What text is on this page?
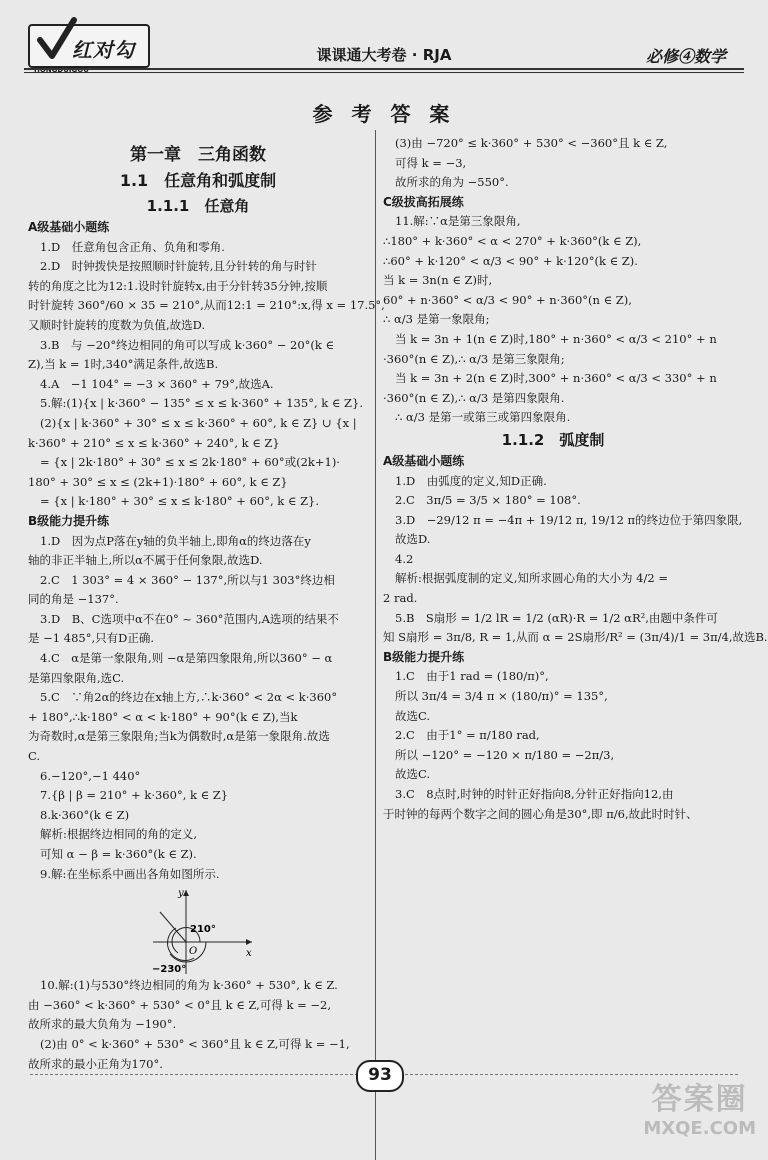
红对勾
HONGDUIGOU
课课通大考卷 · RJA	必修④数学
参 考 答 案
第一章　三角函数
1.1　任意角和弧度制
1.1.1　任意角
A级基础小题练
1.D　任意角包含正角、负角和零角.
2.D　时钟拨快是按照顺时针旋转,且分针转的角与时针
转的角度之比为12:1.设时针旋转x,由于分针转35分钟,按顺
时针旋转 360°/60 × 35 = 210°,从而12:1 = 210°:x,得 x = 17.5°,
又顺时针旋转的度数为负值,故选D.
3.B　与 −20°终边相同的角可以写成 k·360° − 20°(k ∈
Z),当 k = 1时,340°满足条件,故选B.
4.A　−1 104° = −3 × 360° + 79°,故选A.
5.解:(1){x | k·360° − 135° ≤ x ≤ k·360° + 135°, k ∈ Z}.
(2){x | k·360° + 30° ≤ x ≤ k·360° + 60°, k ∈ Z} ∪ {x |
k·360° + 210° ≤ x ≤ k·360° + 240°, k ∈ Z}
= {x | 2k·180° + 30° ≤ x ≤ 2k·180° + 60°或(2k+1)·
180° + 30° ≤ x ≤ (2k+1)·180° + 60°, k ∈ Z}
= {x | k·180° + 30° ≤ x ≤ k·180° + 60°, k ∈ Z}.
B级能力提升练
1.D　因为点P落在y轴的负半轴上,即角α的终边落在y
轴的非正半轴上,所以α不属于任何象限,故选D.
2.C　1 303° = 4 × 360° − 137°,所以与1 303°终边相
同的角是 −137°.
3.D　B、C选项中α不在0° ~ 360°范围内,A选项的结果不
是 −1 485°,只有D正确.
4.C　α是第一象限角,则 −α是第四象限角,所以360° − α
是第四象限角,选C.
5.C　∵角2α的终边在x轴上方,∴k·360° < 2α < k·360°
+ 180°,∴k·180° < α < k·180° + 90°(k ∈ Z),当k
为奇数时,α是第三象限角;当k为偶数时,α是第一象限角.故选
C.
6.−120°,−1 440°
7.{β | β = 210° + k·360°, k ∈ Z}
8.k·360°(k ∈ Z)
解析:根据终边相同的角的定义,
可知 α − β = k·360°(k ∈ Z).
9.解:在坐标系中画出各角如图所示.
y
x
O
210°
−230°
10.解:(1)与530°终边相同的角为 k·360° + 530°, k ∈ Z.
由 −360° < k·360° + 530° < 0°且 k ∈ Z,可得 k = −2,
故所求的最大负角为 −190°.
(2)由 0° < k·360° + 530° < 360°且 k ∈ Z,可得 k = −1,
故所求的最小正角为170°.
(3)由 −720° ≤ k·360° + 530° < −360°且 k ∈ Z,
可得 k = −3,
故所求的角为 −550°.
C级拔高拓展练
11.解:∵α是第三象限角,
∴180° + k·360° < α < 270° + k·360°(k ∈ Z),
∴60° + k·120° < α/3 < 90° + k·120°(k ∈ Z).
当 k = 3n(n ∈ Z)时,
60° + n·360° < α/3 < 90° + n·360°(n ∈ Z),
∴ α/3 是第一象限角;
当 k = 3n + 1(n ∈ Z)时,180° + n·360° < α/3 < 210° + n
·360°(n ∈ Z),∴ α/3 是第三象限角;
当 k = 3n + 2(n ∈ Z)时,300° + n·360° < α/3 < 330° + n
·360°(n ∈ Z),∴ α/3 是第四象限角.
∴ α/3 是第一或第三或第四象限角.
1.1.2　弧度制
A级基础小题练
1.D　由弧度的定义,知D正确.
2.C　3π/5 = 3/5 × 180° = 108°.
3.D　−29/12 π = −4π + 19/12 π, 19/12 π的终边位于第四象限,
故选D.
4.2
解析:根据弧度制的定义,知所求圆心角的大小为 4/2 =
2 rad.
5.B　S扇形 = 1/2 lR = 1/2 (αR)·R = 1/2 αR²,由题中条件可
知 S扇形 = 3π/8, R = 1,从而 α = 2S扇形/R² = (3π/4)/1 = 3π/4,故选B.
B级能力提升练
1.C　由于1 rad = (180/π)°,
所以 3π/4 = 3/4 π × (180/π)° = 135°,
故选C.
2.C　由于1° = π/180 rad,
所以 −120° = −120 × π/180 = −2π/3,
故选C.
3.C　8点时,时钟的时针正好指向8,分针正好指向12,由
于时钟的每两个数字之间的圆心角是30°,即 π/6,故此时时针、
93
答案圈
MXQE.COM
